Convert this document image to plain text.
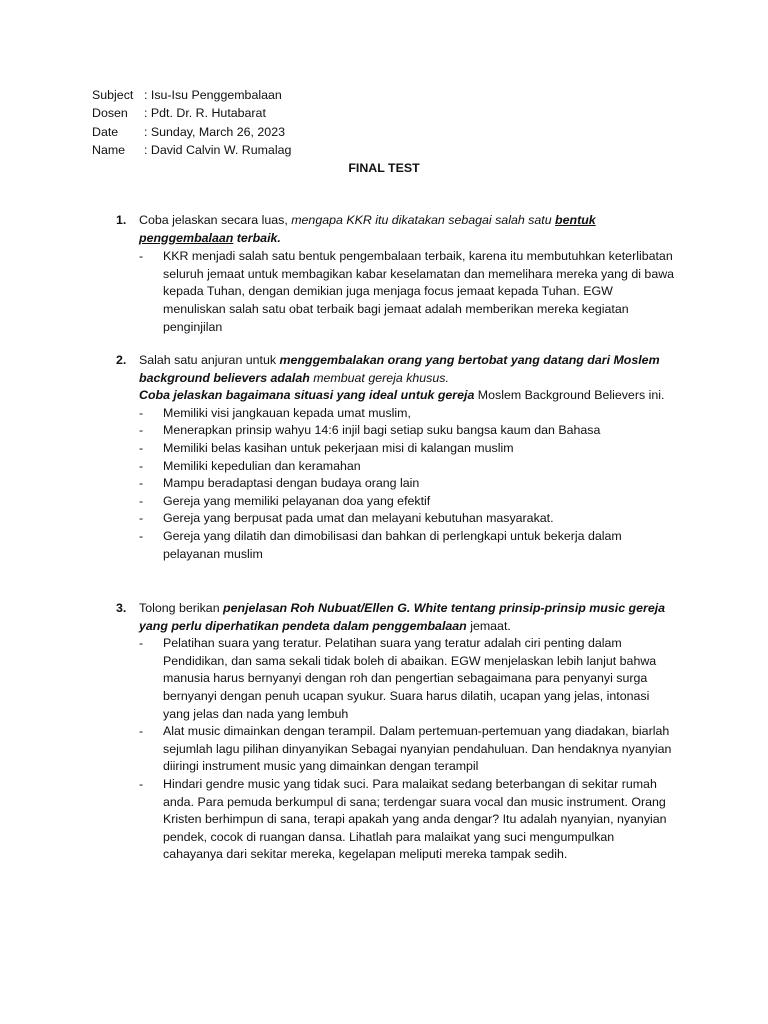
Subject : Isu-Isu Penggembalaan
Dosen	: Pdt. Dr. R. Hutabarat
Date	: Sunday, March 26, 2023
Name	: David Calvin W. Rumalag
FINAL TEST
1.	Coba jelaskan secara luas, mengapa KKR itu dikatakan sebagai salah satu bentuk penggembalaan terbaik.
-	KKR menjadi salah satu bentuk pengembalaan terbaik, karena itu membutuhkan keterlibatan seluruh jemaat untuk membagikan kabar keselamatan dan memelihara mereka yang di bawa kepada Tuhan, dengan demikian juga menjaga focus jemaat kepada Tuhan. EGW menuliskan salah satu obat terbaik bagi jemaat adalah memberikan mereka kegiatan penginjilan
2.	Salah satu anjuran untuk menggembalakan orang yang bertobat yang datang dari Moslem background believers adalah membuat gereja khusus.
Coba jelaskan bagaimana situasi yang ideal untuk gereja Moslem Background Believers ini.
-	Memiliki visi jangkauan kepada umat muslim,
-	Menerapkan prinsip wahyu 14:6 injil bagi setiap suku bangsa kaum dan Bahasa
-	Memiliki belas kasihan untuk pekerjaan misi di kalangan muslim
-	Memiliki kepedulian dan keramahan
-	Mampu beradaptasi dengan budaya orang lain
-	Gereja yang memiliki pelayanan doa yang efektif
-	Gereja yang berpusat pada umat dan melayani kebutuhan masyarakat.
-	Gereja yang dilatih dan dimobilisasi dan bahkan di perlengkapi untuk bekerja dalam pelayanan muslim
3.	Tolong berikan penjelasan Roh Nubuat/Ellen G. White tentang prinsip-prinsip music gereja yang perlu diperhatikan pendeta dalam penggembalaan jemaat.
-	Pelatihan suara yang teratur. Pelatihan suara yang teratur adalah ciri penting dalam Pendidikan, dan sama sekali tidak boleh di abaikan. EGW menjelaskan lebih lanjut bahwa manusia harus bernyanyi dengan roh dan pengertian sebagaimana para penyanyi surga bernyanyi dengan penuh ucapan syukur. Suara harus dilatih, ucapan yang jelas, intonasi yang jelas dan nada yang lembuh
-	Alat music dimainkan dengan terampil. Dalam pertemuan-pertemuan yang diadakan, biarlah sejumlah lagu pilihan dinyanyikan Sebagai nyanyian pendahuluan. Dan hendaknya nyanyian diiringi instrument music yang dimainkan dengan terampil
-	Hindari gendre music yang tidak suci. Para malaikat sedang beterbangan di sekitar rumah anda. Para pemuda berkumpul di sana; terdengar suara vocal dan music instrument. Orang Kristen berhimpun di sana, terapi apakah yang anda dengar? Itu adalah nyanyian, nyanyian pendek, cocok di ruangan dansa. Lihatlah para malaikat yang suci mengumpulkan cahayanya dari sekitar mereka, kegelapan meliputi mereka tampak sedih.
